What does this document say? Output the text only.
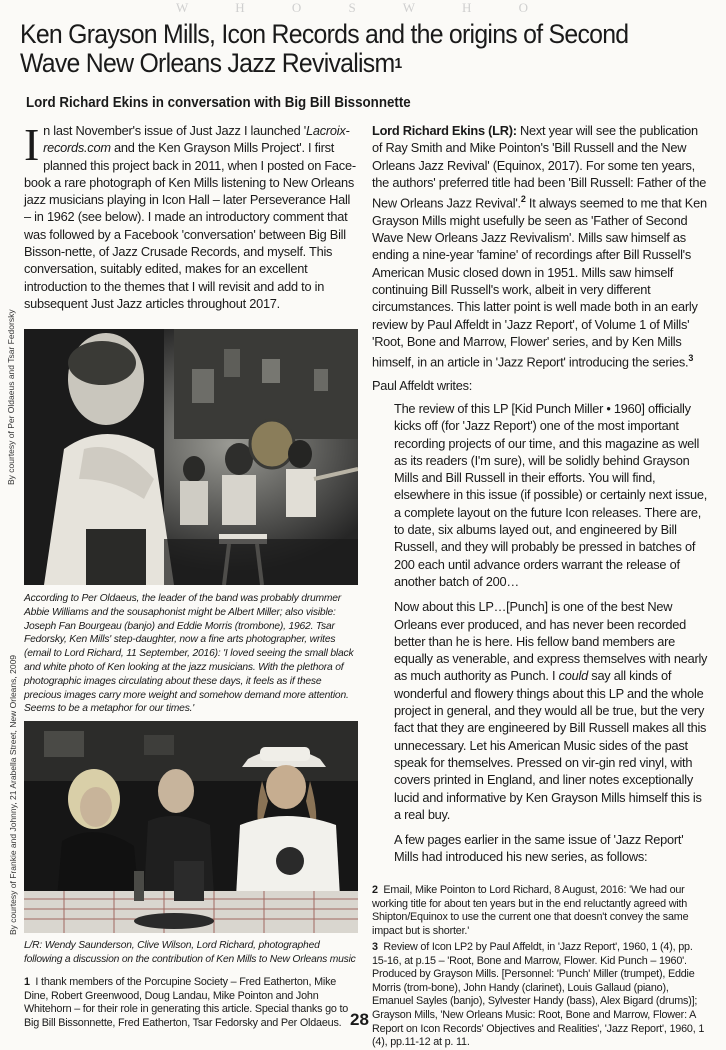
W H O S W H O
Ken Grayson Mills, Icon Records and the origins of Second Wave New Orleans Jazz Revivalism$^1$
Lord Richard Ekins in conversation with Big Bill Bissonnette

In last November's issue of Just Jazz I launched 'Lacroix-records.com and the Ken Grayson Mills Project'. I first planned this project back in 2011, when I posted on Face-book a rare photograph of Ken Mills listening to New Orleans jazz musicians playing in Icon Hall – later Perseverance Hall – in 1962 (see below). I made an introductory comment that was followed by a Facebook 'conversation' between Big Bill Bisson-nette, of Jazz Crusade Records, and myself. This conversation, suitably edited, makes for an excellent introduction to the themes that I will revisit and add to in subsequent Just Jazz articles throughout 2017.

By courtesy of Per Oldaeus and Tsar Fedorsky

According to Per Oldaeus, the leader of the band was probably drummer Abbie Williams and the sousaphonist might be Albert Miller; also visible: Joseph Fan Bourgeau (banjo) and Eddie Morris (trombone), 1962. Tsar Fedorsky, Ken Mills' step-daughter, now a fine arts photographer, writes (email to Lord Richard, 11 September, 2016): 'I loved seeing the small black and white photo of Ken looking at the jazz musicians. With the plethora of photographic images circulating about these days, it feels as if these precious images carry more weight and somehow demand more attention. Seems to be a metaphor for our times.'

By courtesy of Frankie and Johnny, 21 Arabella Street, New Orleans, 2009

L/R: Wendy Saunderson, Clive Wilson, Lord Richard, photographed following a discussion on the contribution of Ken Mills to New Orleans music

1 I thank members of the Porcupine Society – Fred Eatherton, Mike Dine, Robert Greenwood, Doug Landau, Mike Pointon and John Whitehorn – for their role in generating this article. Special thanks go to Big Bill Bissonnette, Fred Eatherton, Tsar Fedorsky and Per Oldaeus. 28

Lord Richard Ekins (LR): Next year will see the publication of Ray Smith and Mike Pointon's 'Bill Russell and the New Orleans Jazz Revival' (Equinox, 2017). For some ten years, the authors' preferred title had been 'Bill Russell: Father of the New Orleans Jazz Revival'.$^2$ It always seemed to me that Ken Grayson Mills might usefully be seen as 'Father of Second Wave New Orleans Jazz Revivalism'. Mills saw himself as ending a nine-year 'famine' of recordings after Bill Russell's American Music closed down in 1951. Mills saw himself continuing Bill Russell's work, albeit in very different circumstances. This latter point is well made both in an early review by Paul Affeldt in 'Jazz Report', of Volume 1 of Mills' 'Root, Bone and Marrow, Flower' series, and by Ken Mills himself, in an article in 'Jazz Report' introducing the series.$^3$

Paul Affeldt writes:

The review of this LP [Kid Punch Miller • 1960] officially kicks off (for 'Jazz Report') one of the most important recording projects of our time, and this magazine as well as its readers (I'm sure), will be solidly behind Grayson Mills and Bill Russell in their efforts. You will find, elsewhere in this issue (if possible) or certainly next issue, a complete layout on the future Icon releases. There are, to date, six albums layed out, and engineered by Bill Russell, and they will probably be pressed in batches of 200 each until advance orders warrant the release of another batch of 200…

Now about this LP…[Punch] is one of the best New Orleans ever produced, and has never been recorded better than he is here. His fellow band members are equally as venerable, and express themselves with nearly as much authority as Punch. I could say all kinds of wonderful and flowery things about this LP and the whole project in general, and they would all be true, but the very fact that they are engineered by Bill Russell makes all this unnecessary. Let his American Music sides of the past speak for themselves. Pressed on vir-gin red vinyl, with covers printed in England, and liner notes exceptionally lucid and informative by Ken Grayson Mills himself this is a real buy.

A few pages earlier in the same issue of 'Jazz Report' Mills had introduced his new series, as follows:

2 Email, Mike Pointon to Lord Richard, 8 August, 2016: 'We had our working title for about ten years but in the end reluctantly agreed with Shipton/Equinox to use the current one that doesn't convey the same impact but is shorter.'

3 Review of Icon LP2 by Paul Affeldt, in 'Jazz Report', 1960, 1 (4), pp. 15-16, at p.15 – 'Root, Bone and Marrow, Flower. Kid Punch – 1960'. Produced by Grayson Mills. [Personnel: 'Punch' Miller (trumpet), Eddie Morris (trom-bone), John Handy (clarinet), Louis Gallaud (piano), Emanuel Sayles (banjo), Sylvester Handy (bass), Alex Bigard (drums)]; Grayson Mills, 'New Orleans Music: Root, Bone and Marrow, Flower: A Report on Icon Records' Objectives and Realities', 'Jazz Report', 1960, 1 (4), pp.11-12 at p. 11.
